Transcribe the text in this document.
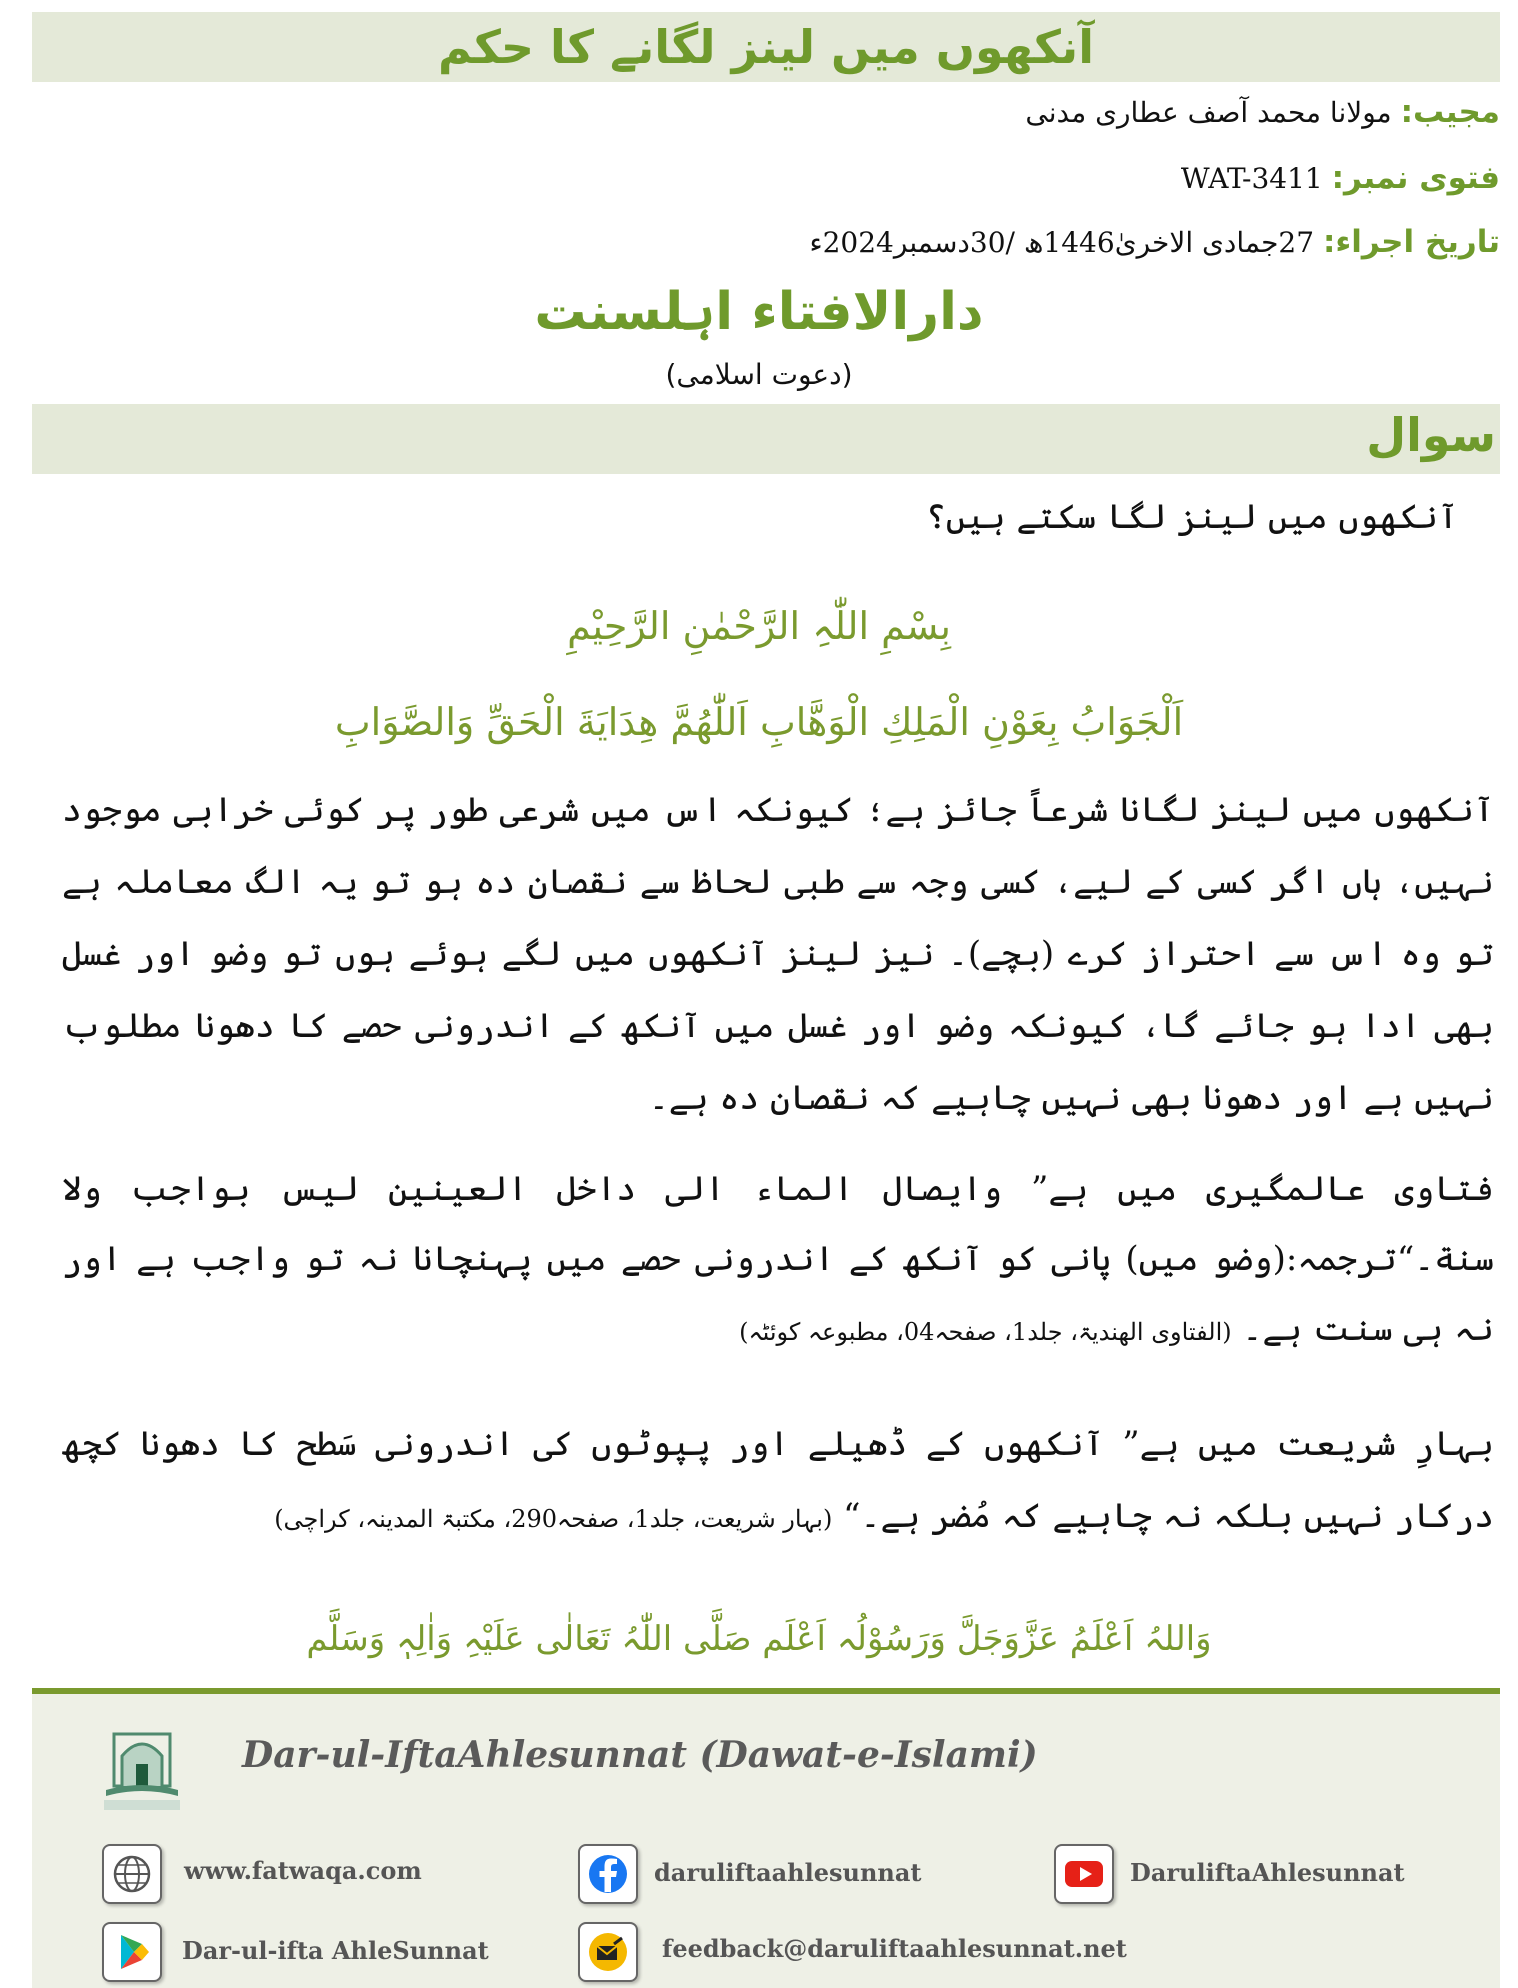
آنکھوں میں لینز لگانے کا حکم
مجیب: مولانا محمد آصف عطاری مدنی
فتوی نمبر: WAT-3411
تاریخ اجراء: 27جمادی الاخریٰ1446ھ /30دسمبر2024ء
دارالافتاء اہلسنت
(دعوت اسلامی)
سوال
آنکھوں میں لینز لگا سکتے ہیں؟
بِسْمِ اللّٰہِ الرَّحْمٰنِ الرَّحِیْمِ
اَلْجَوَابُ بِعَوْنِ الْمَلِكِ الْوَهَّابِ اَللّٰهُمَّ هِدَايَةَ الْحَقِّ وَالصَّوَابِ
آنکھوں میں لینز لگانا شرعاً جائز ہے؛ کیونکہ اس میں شرعی طور پر کوئی خرابی موجود نہیں، ہاں اگر کسی کے لیے، کسی وجہ سے طبی لحاظ سے نقصان دہ ہو تو یہ الگ معاملہ ہے تو وہ اس سے احتراز کرے (بچے)۔ نیز لینز آنکھوں میں لگے ہوئے ہوں تو وضو اور غسل بھی ادا ہو جائے گا، کیونکہ وضو اور غسل میں آنکھ کے اندرونی حصے کا دھونا مطلوب نہیں ہے اور دھونا بھی نہیں چاہیے کہ نقصان دہ ہے۔
فتاوی عالمگیری میں ہے” وایصال الماء الی داخل العینین لیس بواجب ولا سنة۔“ترجمہ:(وضو میں) پانی کو آنکھ کے اندرونی حصے میں پہنچانا نہ تو واجب ہے اور نہ ہی سنت ہے۔ (الفتاوی الھندیۃ، جلد1، صفحہ04، مطبوعہ کوئٹہ)
بہارِ شریعت میں ہے” آنکھوں کے ڈھیلے اور پپوٹوں کی اندرونی سَطح کا دھونا کچھ درکار نہیں بلکہ نہ چاہیے کہ مُضر ہے۔“ (بہار شریعت، جلد1، صفحہ290، مکتبۃ المدینہ، کراچی)
وَاللہُ اَعْلَمُ عَزَّوَجَلَّ وَرَسُوْلُہ اَعْلَم صَلَّی اللّٰہُ تَعَالٰی عَلَیْہِ وَاٰلِہٖ وَسَلَّم
Dar-ul-IftaAhlesunnat (Dawat-e-Islami)
www.fatwaqa.com	daruliftaahlesunnat	DaruliftaAhlesunnat
Dar-ul-ifta AhleSunnat	feedback@daruliftaahlesunnat.net
